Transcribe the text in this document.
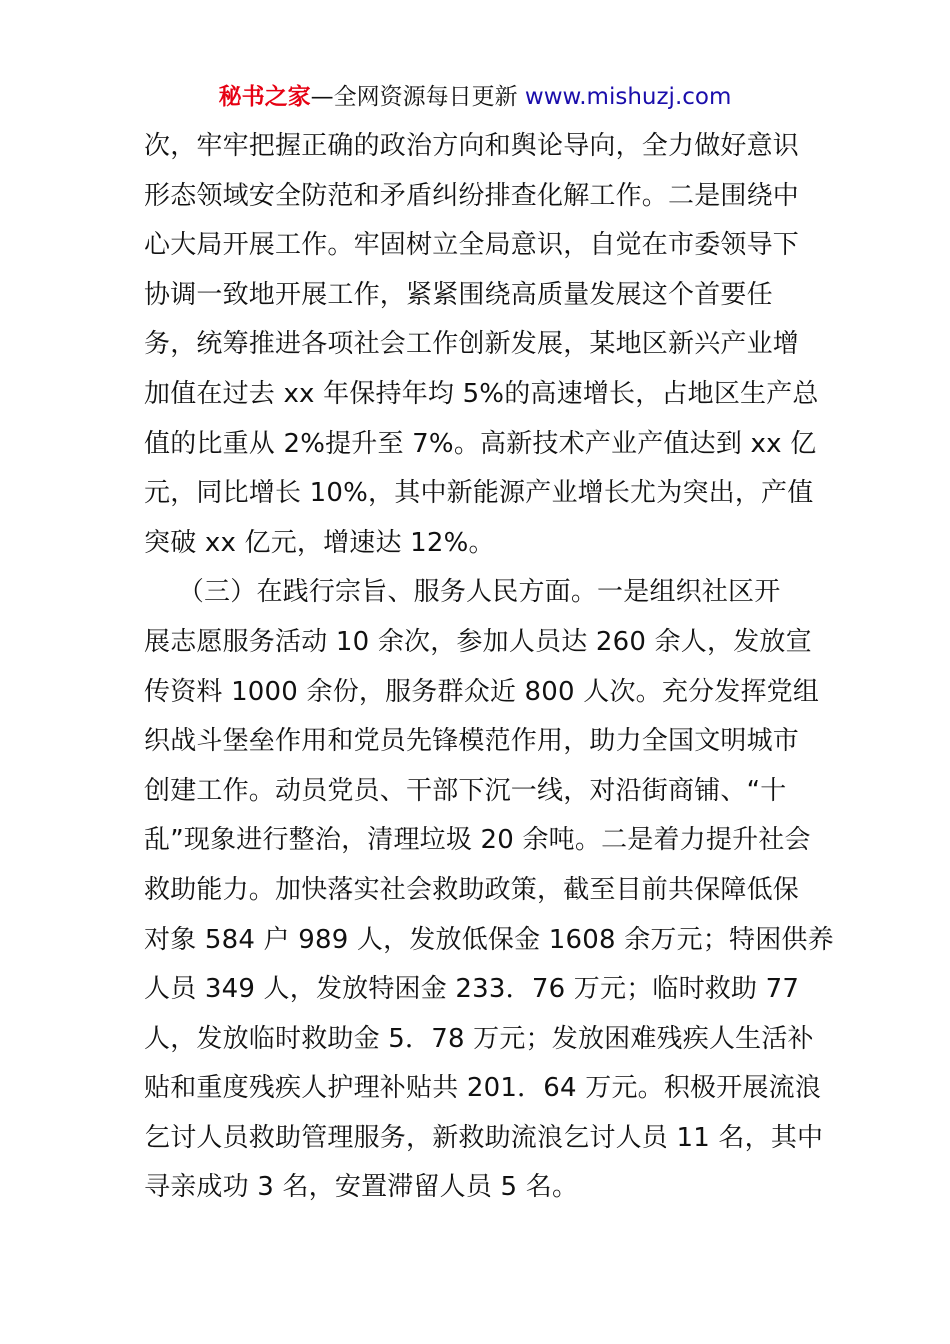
秘书之家—全网资源每日更新 www.mishuzj.com
次，牢牢把握正确的政治方向和舆论导向，全力做好意识
形态领域安全防范和矛盾纠纷排查化解工作。二是围绕中
心大局开展工作。牢固树立全局意识，自觉在市委领导下
协调一致地开展工作，紧紧围绕高质量发展这个首要任
务，统筹推进各项社会工作创新发展，某地区新兴产业增
加值在过去 xx 年保持年均 5%的高速增长，占地区生产总
值的比重从 2%提升至 7%。高新技术产业产值达到 xx 亿
元，同比增长 10%，其中新能源产业增长尤为突出，产值
突破 xx 亿元，增速达 12%。
（三）在践行宗旨、服务人民方面。一是组织社区开
展志愿服务活动 10 余次，参加人员达 260 余人，发放宣
传资料 1000 余份，服务群众近 800 人次。充分发挥党组
织战斗堡垒作用和党员先锋模范作用，助力全国文明城市
创建工作。动员党员、干部下沉一线，对沿街商铺、“十
乱”现象进行整治，清理垃圾 20 余吨。二是着力提升社会
救助能力。加快落实社会救助政策，截至目前共保障低保
对象 584 户 989 人，发放低保金 1608 余万元；特困供养
人员 349 人，发放特困金 233．76 万元；临时救助 77
人，发放临时救助金 5．78 万元；发放困难残疾人生活补
贴和重度残疾人护理补贴共 201．64 万元。积极开展流浪
乞讨人员救助管理服务，新救助流浪乞讨人员 11 名，其中
寻亲成功 3 名，安置滞留人员 5 名。
